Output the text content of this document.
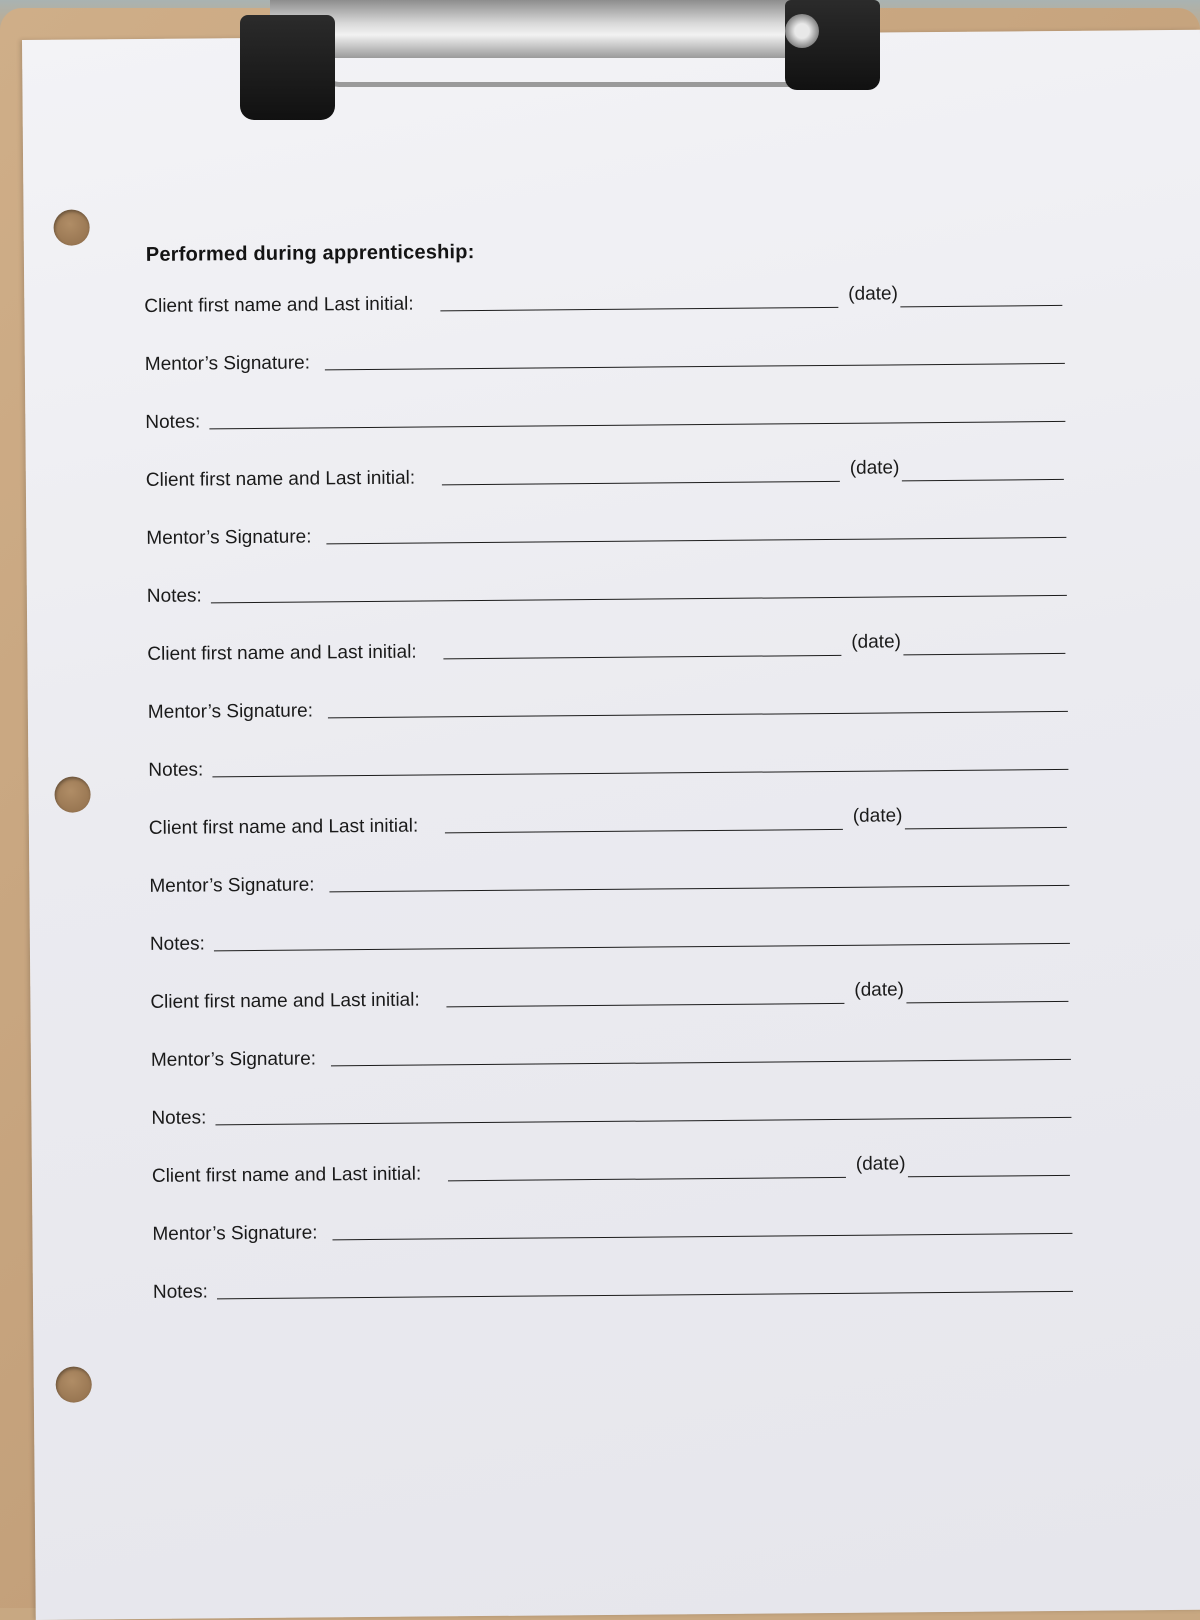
Performed during apprenticeship:
Client first name and Last initial:	(date)
Mentor’s Signature:
Notes:
Client first name and Last initial:	(date)
Mentor’s Signature:
Notes:
Client first name and Last initial:	(date)
Mentor’s Signature:
Notes:
Client first name and Last initial:	(date)
Mentor’s Signature:
Notes:
Client first name and Last initial:	(date)
Mentor’s Signature:
Notes:
Client first name and Last initial:	(date)
Mentor’s Signature:
Notes:
